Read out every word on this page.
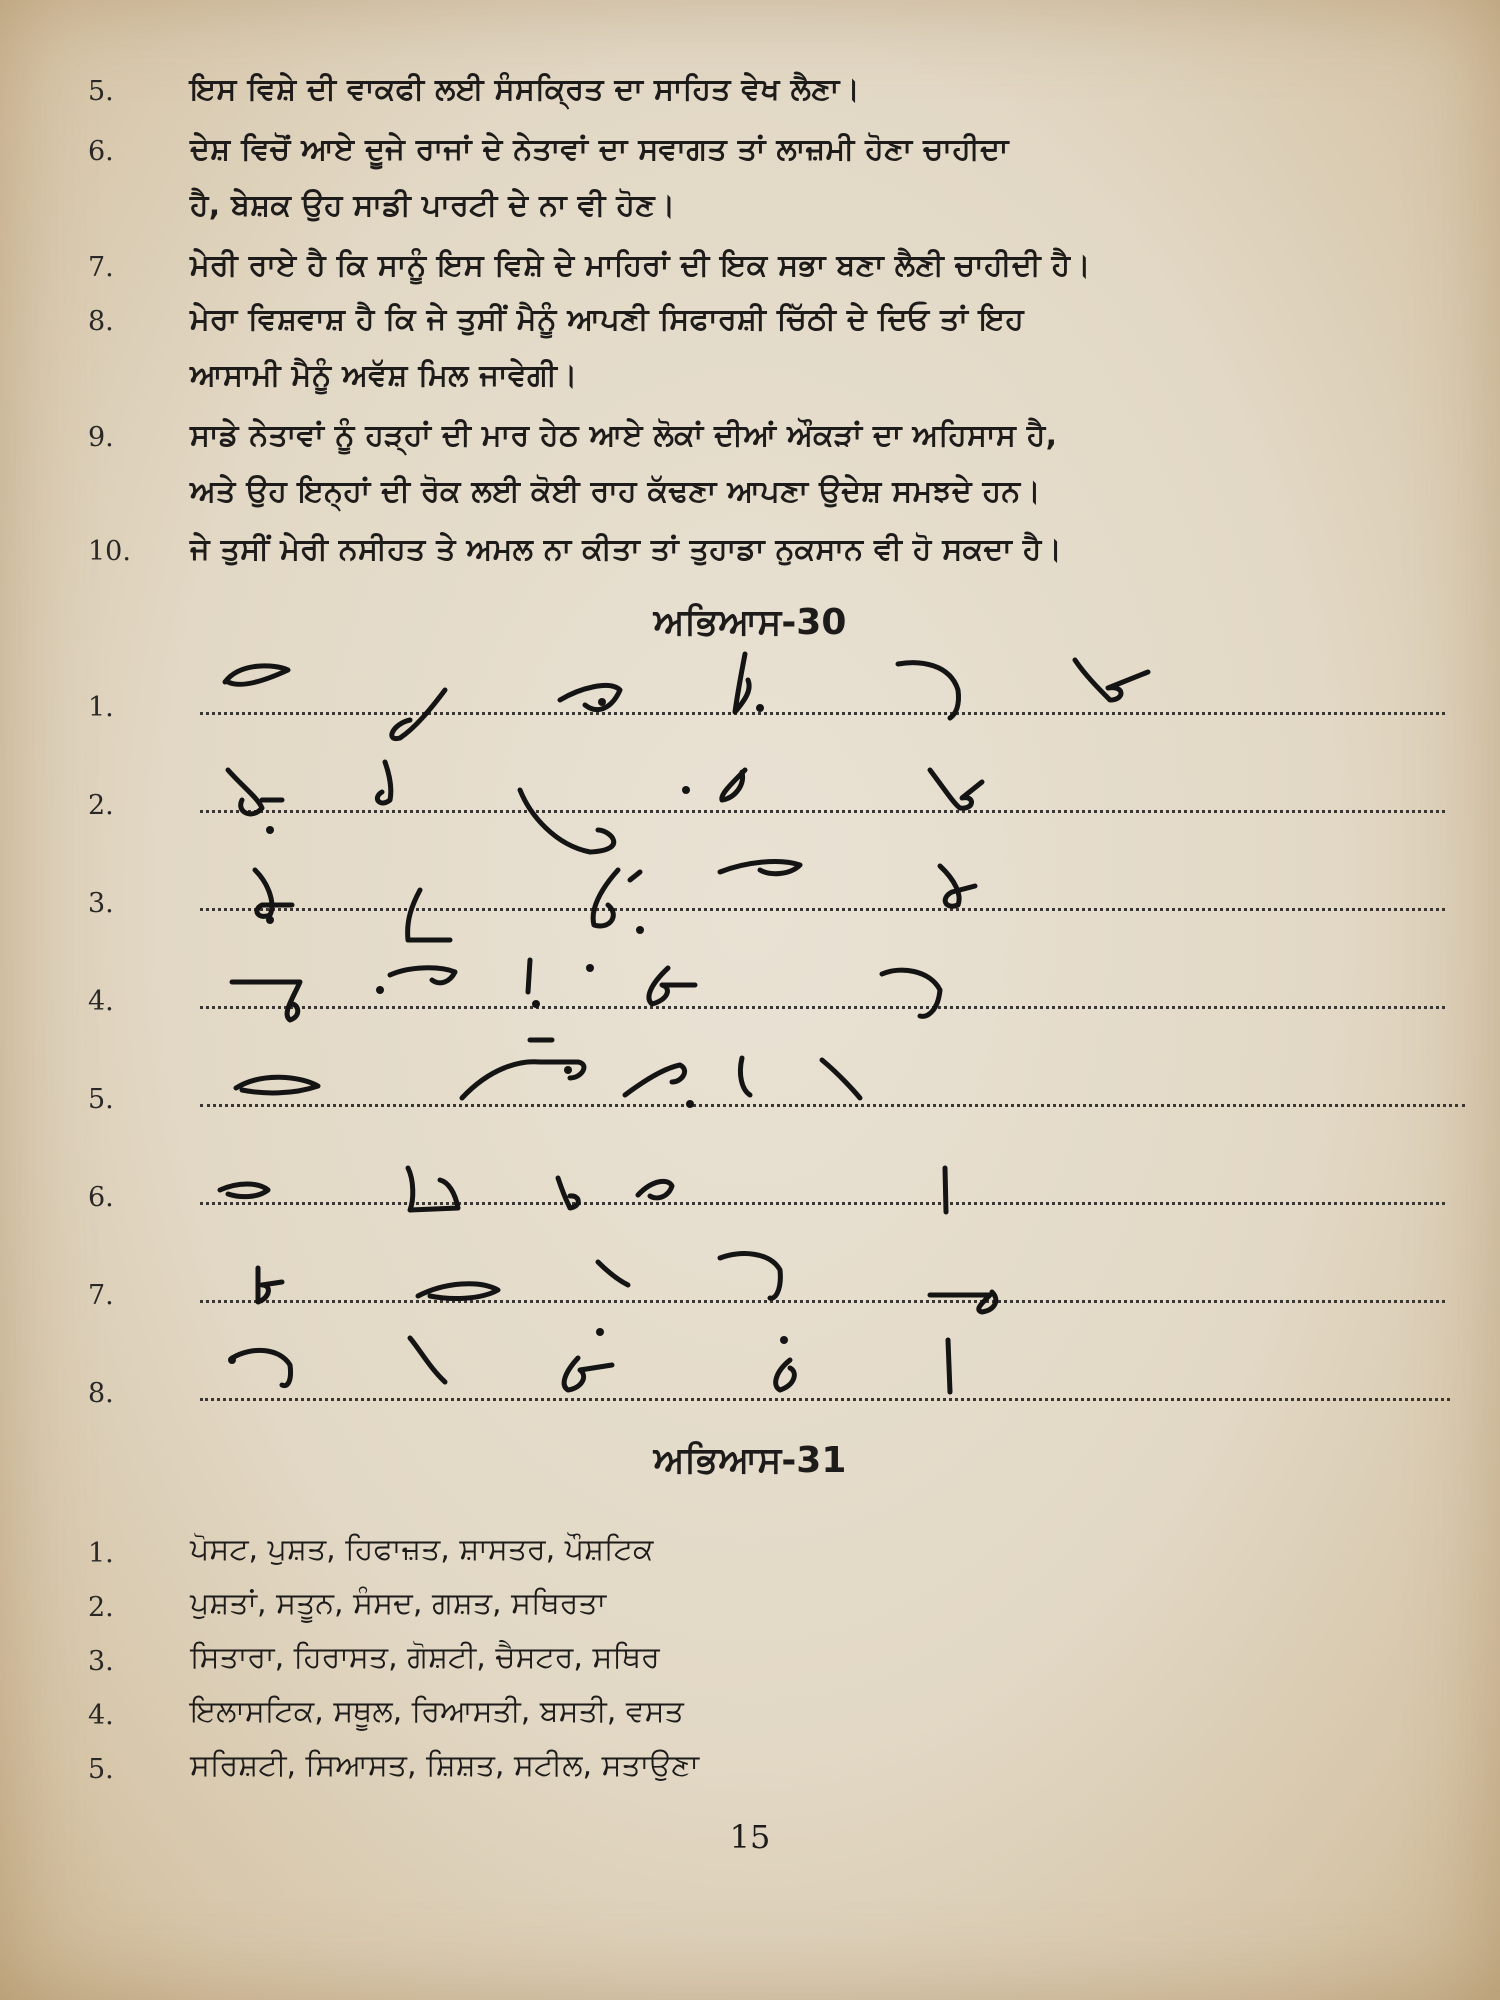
5.	ਇਸ ਵਿਸ਼ੇ ਦੀ ਵਾਕਫੀ ਲਈ ਸੰਸਕ੍ਰਿਤ ਦਾ ਸਾਹਿਤ ਵੇਖ ਲੈਣਾ।
6.	ਦੇਸ਼ ਵਿਚੋਂ ਆਏ ਦੂਜੇ ਰਾਜਾਂ ਦੇ ਨੇਤਾਵਾਂ ਦਾ ਸਵਾਗਤ ਤਾਂ ਲਾਜ਼ਮੀ ਹੋਣਾ ਚਾਹੀਦਾ
ਹੈ, ਬੇਸ਼ਕ ਉਹ ਸਾਡੀ ਪਾਰਟੀ ਦੇ ਨਾ ਵੀ ਹੋਣ।
7.	ਮੇਰੀ ਰਾਏ ਹੈ ਕਿ ਸਾਨੂੰ ਇਸ ਵਿਸ਼ੇ ਦੇ ਮਾਹਿਰਾਂ ਦੀ ਇਕ ਸਭਾ ਬਣਾ ਲੈਣੀ ਚਾਹੀਦੀ ਹੈ।
8.	ਮੇਰਾ ਵਿਸ਼ਵਾਸ਼ ਹੈ ਕਿ ਜੇ ਤੁਸੀਂ ਮੈਨੂੰ ਆਪਣੀ ਸਿਫਾਰਸ਼ੀ ਚਿੱਠੀ ਦੇ ਦਿਓ ਤਾਂ ਇਹ
ਆਸਾਮੀ ਮੈਨੂੰ ਅਵੱਸ਼ ਮਿਲ ਜਾਵੇਗੀ।
9.	ਸਾਡੇ ਨੇਤਾਵਾਂ ਨੂੰ ਹੜ੍ਹਾਂ ਦੀ ਮਾਰ ਹੇਠ ਆਏ ਲੋਕਾਂ ਦੀਆਂ ਔਕੜਾਂ ਦਾ ਅਹਿਸਾਸ ਹੈ,
ਅਤੇ ਉਹ ਇਨ੍ਹਾਂ ਦੀ ਰੋਕ ਲਈ ਕੋਈ ਰਾਹ ਕੱਢਣਾ ਆਪਣਾ ਉਦੇਸ਼ ਸਮਝਦੇ ਹਨ।
10.	ਜੇ ਤੁਸੀਂ ਮੇਰੀ ਨਸੀਹਤ ਤੇ ਅਮਲ ਨਾ ਕੀਤਾ ਤਾਂ ਤੁਹਾਡਾ ਨੁਕਸਾਨ ਵੀ ਹੋ ਸਕਦਾ ਹੈ।
ਅਭਿਆਸ-30
1.
2.
3.
4.
5.
6.
7.
8.
ਅਭਿਆਸ-31
1.	ਪੋਸਟ, ਪੁਸ਼ਤ, ਹਿਫਾਜ਼ਤ, ਸ਼ਾਸਤਰ, ਪੌਸ਼ਟਿਕ
2.	ਪੁਸ਼ਤਾਂ, ਸਤੂਨ, ਸੰਸਦ, ਗਸ਼ਤ, ਸਥਿਰਤਾ
3.	ਸਿਤਾਰਾ, ਹਿਰਾਸਤ, ਗੋਸ਼ਟੀ, ਚੈਸਟਰ, ਸਥਿਰ
4.	ਇਲਾਸਟਿਕ, ਸਥੂਲ, ਰਿਆਸਤੀ, ਬਸਤੀ, ਵਸਤ
5.	ਸਰਿਸ਼ਟੀ, ਸਿਆਸਤ, ਸ਼ਿਸ਼ਤ, ਸਟੀਲ, ਸਤਾਉਣਾ
15
